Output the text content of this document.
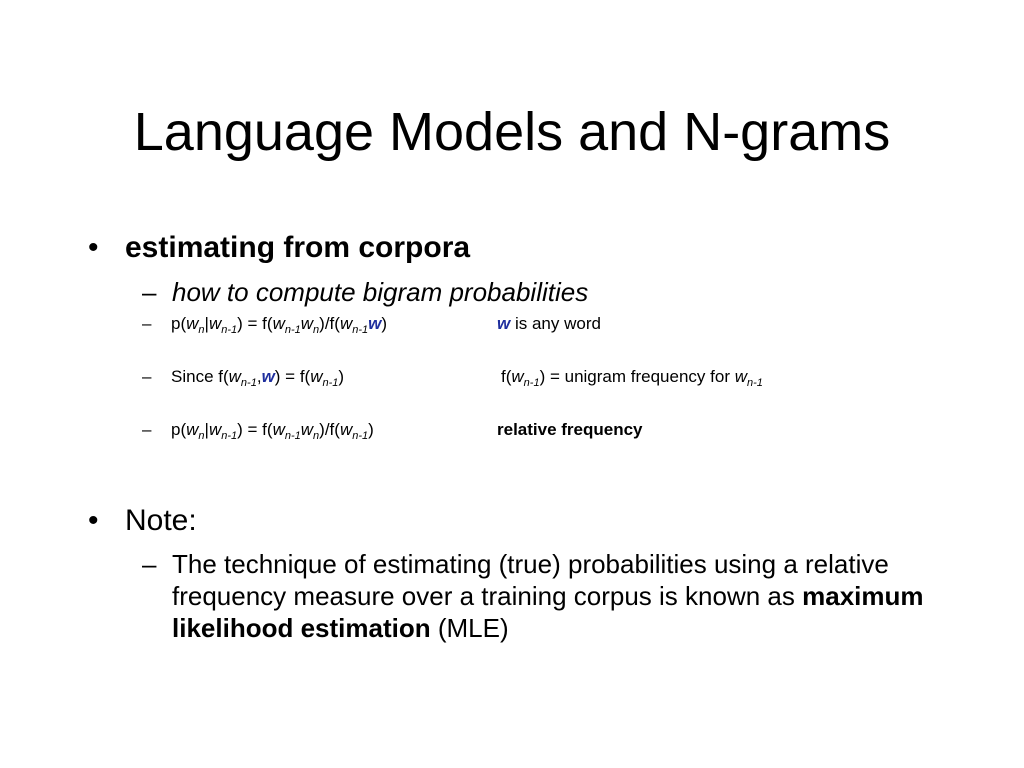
Language Models and N-grams
• estimating from corpora
– how to compute bigram probabilities
– $p(w_n|w_{n-1}) = f(w_{n-1}w_n)/f(w_{n-1}w)$	w is any word
– Since $f(w_{n-1},w) = f(w_{n-1})$	$f(w_{n-1})$ = unigram frequency for $w_{n-1}$
– $p(w_n|w_{n-1}) = f(w_{n-1}w_n)/f(w_{n-1})$	relative frequency
• Note:
– The technique of estimating (true) probabilities using a relative frequency measure over a training corpus is known as maximum likelihood estimation (MLE)
